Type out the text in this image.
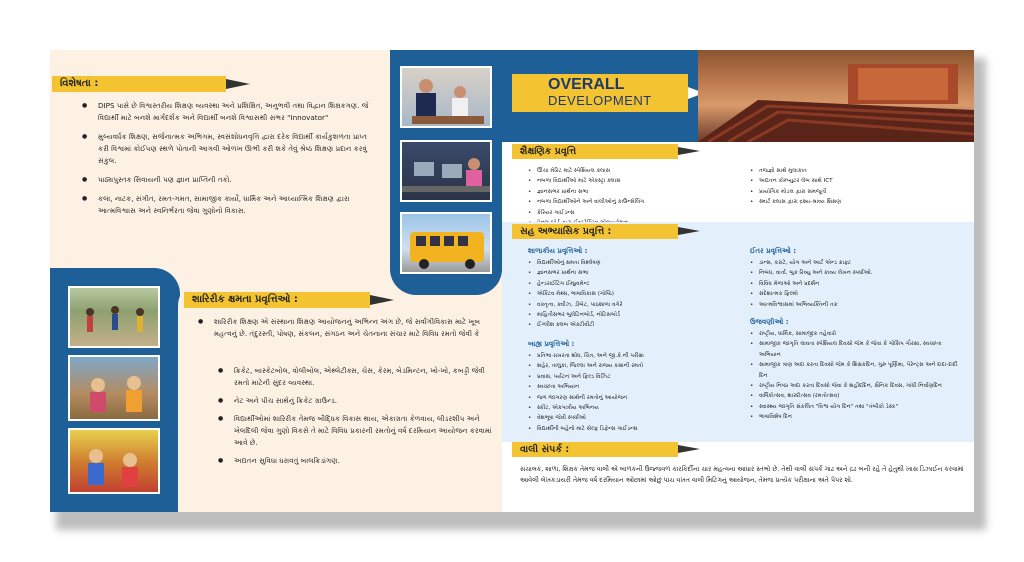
વિશેષતા :
● DIPS પાસે છે વિશ્વસ્તરીય શિક્ષણ વ્યવસ્થા અને પ્રશિક્ષિત, અનુભવી તથા વિદ્વાન શિક્ષકગણ. જે વિદ્યાર્થી માટે બનશે માર્ગદર્શક અને વિદ્યાર્થી બનશે વિશ્વાસથી સભર "Innovator"
● મુલ્યવર્ધક શિક્ષણ, સર્જનાત્મક અભિગમ, સ્વસંશોધનવૃત્તિ દ્વારા દરેક વિદ્યાર્થી કાર્યકુશળતા પ્રાપ્ત કરી વિશ્વમાં કોઈપણ સ્થળે પોતાની આગવી ઓળખ ઊભી કરી શકે તેવું શ્રેષ્ઠ શિક્ષણ પ્રદાન કરવું સંકુલ.
● પાઠ્યપુસ્તક સિવાયની પણ જ્ઞાન પ્રાપ્તિની તકો.
● કલા, નાટક, સંગીત, રમત-ગમત, સામાજીક કાર્યો, ધાર્મિક અને આધ્યાત્મિક શિક્ષણ દ્વારા આત્મવિશ્વાસ અને સ્વનિર્ભરતા જેવા ગુણોનો વિકાસ.
શારિરીક ક્ષમતા પ્રવૃત્તિઓ :
● શારિરીક શિક્ષણ એ સંસ્થાના શિક્ષણ આયોજનનું અભિન્ન અંગ છે, જે સર્વાંગીવિકાસ માટે ખૂબ મહત્વનું છે. તંદુરસ્તી, પોષણ, સંકલન, સંગઠન અને ચેતનાના સંચાર માટે વિવિધ રમતો જેવી કે
● ક્રિકેટ, બાસ્કેટબોલ, વોલીબોલ, એથ્લેટીક્સ, ચેસ, કેરમ, બેડમિન્ટન, ખો-ખો, કબડ્ડી જેવી રમતો માટેની સુંદર વ્યવસ્થા.
● નેટ અને પીચ સાથેનું ક્રિકેટ ગ્રાઉન્ડ.
● વિદ્યાર્થીઓમાં શારિરીક તેમજ બૌદ્ધિક વિકાસ થાય, એકાગ્રતા કેળવાય, લીડરશીપ અને ખેલદિલી જેવા ગુણો વિકસે તે માટે વિવિધ પ્રકારની રમતોનું વર્ષ દરમિયાન આયોજન કરવામાં આવે છે.
● અદ્યતન સુવિધા ધરાવતું બાલક્રિડાંગણ.
OVERALL
DEVELOPMENT
શૈક્ષણિક પ્રવૃત્તિ
• ઊંચા મેરિટ માટે સ્પેશિયલ ક્લાસ
• નબળા વિદ્યાર્થીઓ માટે એક્સ્ટ્રા ક્લાસ
• જ્ઞાનસભર પ્રાર્થના સભા
• નબળા વિદ્યાર્થીઓને અને વાલીઓનું કાઉન્સેલિંગ
• કેરિયર ગાઈડન્સ
•
• તજજ્ઞો સાથે મુલાકાત
• અદ્યતન કોમ્પ્યુટર લેબ સાથે ICT
• પ્રાયોગિક મોડલ દ્વારા સમજૂતી
• સ્માર્ટ ક્લાસ દ્વારા દ્રશ્ય-શ્રાવ્ય શિક્ષણ
સહ અભ્યાસિક પ્રવૃત્તિ :
શાળાકીય પ્રવૃત્તિઓ :
• વિદ્યાર્થીઓનું ક્ષમતા વિશ્લેષણ
• જ્ઞાનસભર પ્રાર્થના સભા
• હેન્ડરાઈટિંગ ઈમ્પ્રુવમેન્ટ
• એક્ટિવ મેથ્સ, ભાષાવિકાસ (ગોષ્ઠિ)
• વક્તૃત્વ, ક્વીઝ, ડીબેટ, પાઠશાળા વગેરે
• માહિતીસભર બુલેટિનબોર્ડ, નોટિસબોર્ડ
• ઈંગ્લીશ ક્લબ એક્ટીવીટી
બાહ્ય પ્રવૃત્તિઓ :
• પ્રતિભા-પ્રખરતા શોધ, ચિત્ર, અને જી.કે.ની પરીક્ષા
• શહેર, તાલુકા, જિલ્લા અને રાજ્ય કક્ષાની રમતો
• પ્રવાસ, પર્યટન અને ફિલ્ડ વિઝિટ
• સ્વચ્છતા અભિયાન
• જળ જાગરણ સાથેની રમતોનું આયોજન
• સ્કીટ, એકપાત્રીય અભિનય
• વેશભૂષા જેવી સ્પર્ધાઓ
• વિદ્યાર્થીની બહેનો માટે સેલ્ફ ડિફેન્સ ગાઈડન્સ
ઈતર પ્રવૃત્તિઓ :
• ડાન્સ, કરાટે, યોગ અને આર્ટ એન્ડ ક્રાફ્ટ
• નિબંધ, વાર્તા, બુક રિવ્યુ અને કાવ્ય લેખન સ્પર્ધાઓ.
• વિવિધ મેળાઓ અને પ્રદર્શન
• સંદેશાત્મક ફિલ્મો
• આત્મવિશ્વાસમાં અભિવ્યક્તિની તક
ઉજવણીઓ :
• રાષ્ટ્રીય, ધાર્મિક, સામાજીક તહેવારો
• સામાજીક જાગૃતિ લાવતા સ્પેશિયલ દિવસો જેમ કે જેવા કે ગોસિપ ગૌરક્ષા, સ્વચ્છતા અભિયાન
• સામાજીક ત્રાણ અદા કરતા દિવસો જેમ કે શિક્ષકદિન, ગુરુ પૂર્ણિમા, પેરેન્ટ્સ અને દાદા-દાદી દિન
• રાષ્ટ્રીય નિષ્ઠા અદા કરતા દિવસો જેવા કે શહીદદિન, સૈનિક દિવસ, ગાંધી નિર્વાણદિન
• વાર્ષિકોત્સવ, શારદોત્સવ (રમતોત્સવ)
• સ્વાસ્થ્ય જાગૃતિ સંકલિત "વિશ્વ યોગ દિન" તથા "તંબીકો ડેસ્ક"
• ભાષાવિશેષ દિન
વાલી સંપર્ક :
સંચાલક, શાળા, શિક્ષક તેમજ વાલી એ બાળકની ઉજ્જવળ કારકિર્દીના ચાર મહત્વના આધાર સ્તંભો છે. તેથી વાલી સંપર્ક ગાઢ અને દ્રઢ બની રહે તે હેતુથી ખાસ ડિઝાઈન કરવામાં આવેલી લેખકડાયરી તેમજ વર્ષ દરમિયાન ઓછામાં ઓછું પાંચ વખત વાલી મિટિંગનું આયોજન, તેમજ પ્રત્યેક પરીક્ષાના અંતે પેપર શો.
